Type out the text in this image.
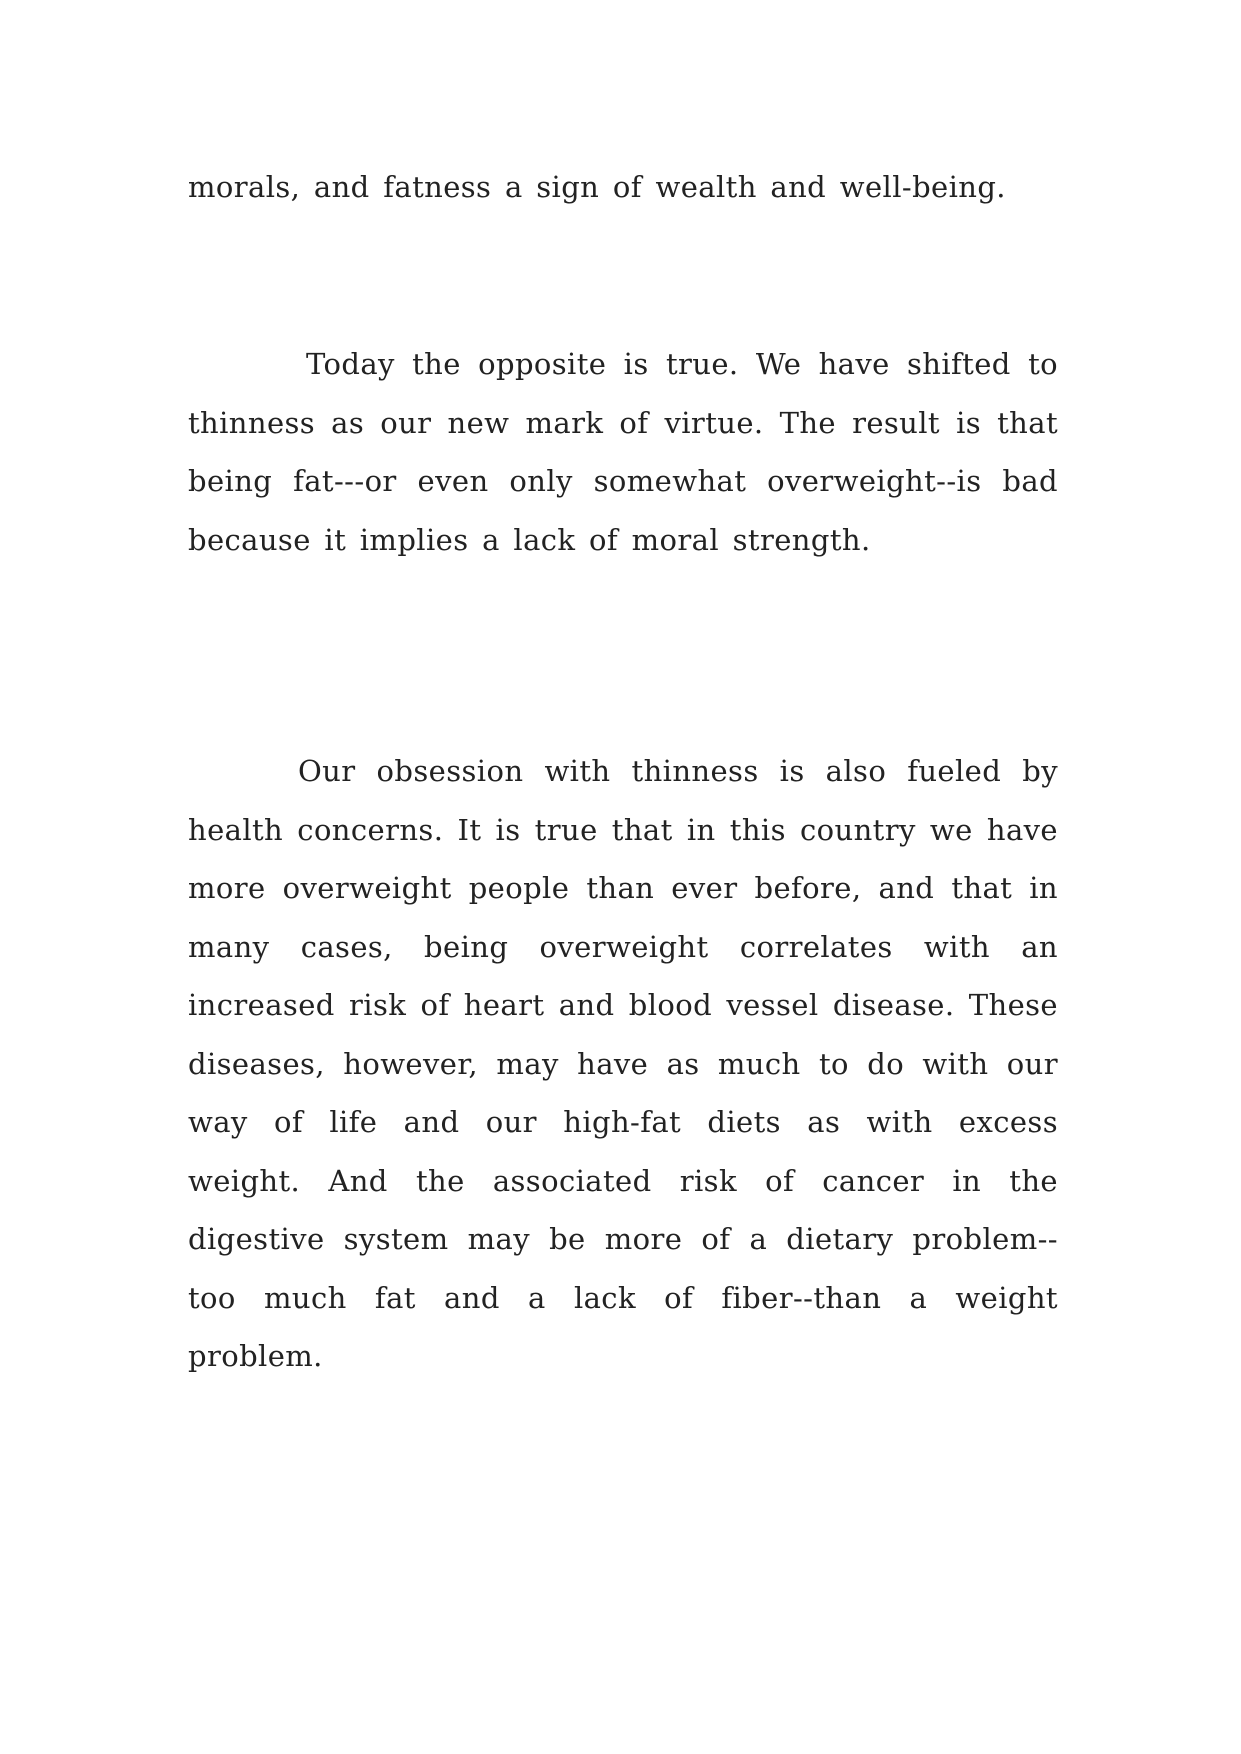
morals, and fatness a sign of wealth and well-being.

Today the opposite is true. We have shifted to thinness as our new mark of virtue. The result is that being fat---or even only somewhat overweight--is bad because it implies a lack of moral strength.

Our obsession with thinness is also fueled by health concerns. It is true that in this country we have more overweight people than ever before, and that in many cases, being overweight correlates with an increased risk of heart and blood vessel disease. These diseases, however, may have as much to do with our way of life and our high-fat diets as with excess weight. And the associated risk of cancer in the digestive system may be more of a dietary problem--too much fat and a lack of fiber--than a weight problem.
